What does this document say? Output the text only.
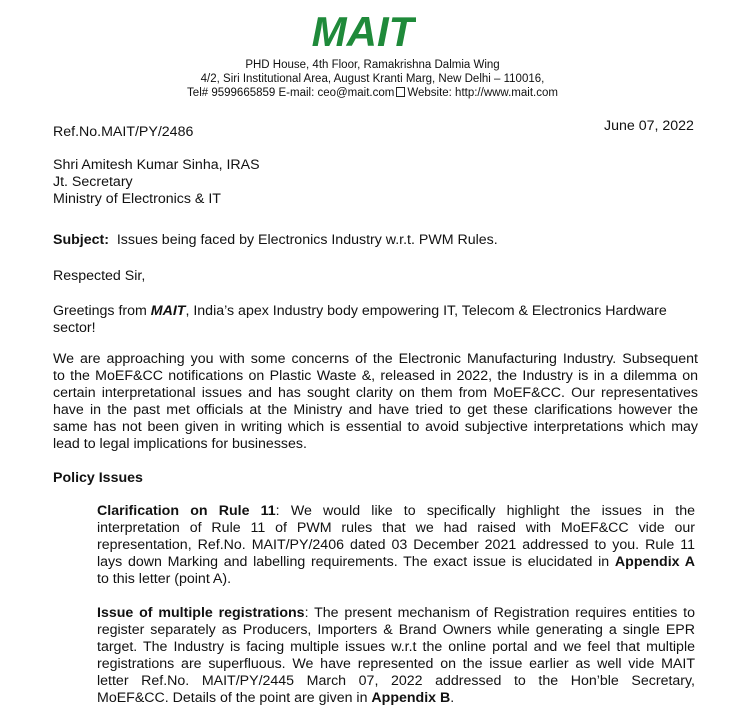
MAIT
PHD House, 4th Floor, Ramakrishna Dalmia Wing
4/2, Siri Institutional Area, August Kranti Marg, New Delhi – 110016,
Tel# 9599665859 E-mail: ceo@mait.com Website: http://www.mait.com
Ref.No.MAIT/PY/2486	June 07, 2022
Shri Amitesh Kumar Sinha, IRAS
Jt. Secretary
Ministry of Electronics & IT
Subject: Issues being faced by Electronics Industry w.r.t. PWM Rules.
Respected Sir,
Greetings from MAIT, India’s apex Industry body empowering IT, Telecom & Electronics Hardware
sector!
We are approaching you with some concerns of the Electronic Manufacturing Industry. Subsequent
to the MoEF&CC notifications on Plastic Waste &, released in 2022, the Industry is in a dilemma on
certain interpretational issues and has sought clarity on them from MoEF&CC. Our representatives
have in the past met officials at the Ministry and have tried to get these clarifications however the
same has not been given in writing which is essential to avoid subjective interpretations which may
lead to legal implications for businesses.
Policy Issues
Clarification on Rule 11: We would like to specifically highlight the issues in the
interpretation of Rule 11 of PWM rules that we had raised with MoEF&CC vide our
representation, Ref.No. MAIT/PY/2406 dated 03 December 2021 addressed to you. Rule 11
lays down Marking and labelling requirements. The exact issue is elucidated in Appendix A
to this letter (point A).
Issue of multiple registrations: The present mechanism of Registration requires entities to
register separately as Producers, Importers & Brand Owners while generating a single EPR
target. The Industry is facing multiple issues w.r.t the online portal and we feel that multiple
registrations are superfluous. We have represented on the issue earlier as well vide MAIT
letter Ref.No. MAIT/PY/2445 March 07, 2022 addressed to the Hon’ble Secretary,
MoEF&CC. Details of the point are given in Appendix B.
